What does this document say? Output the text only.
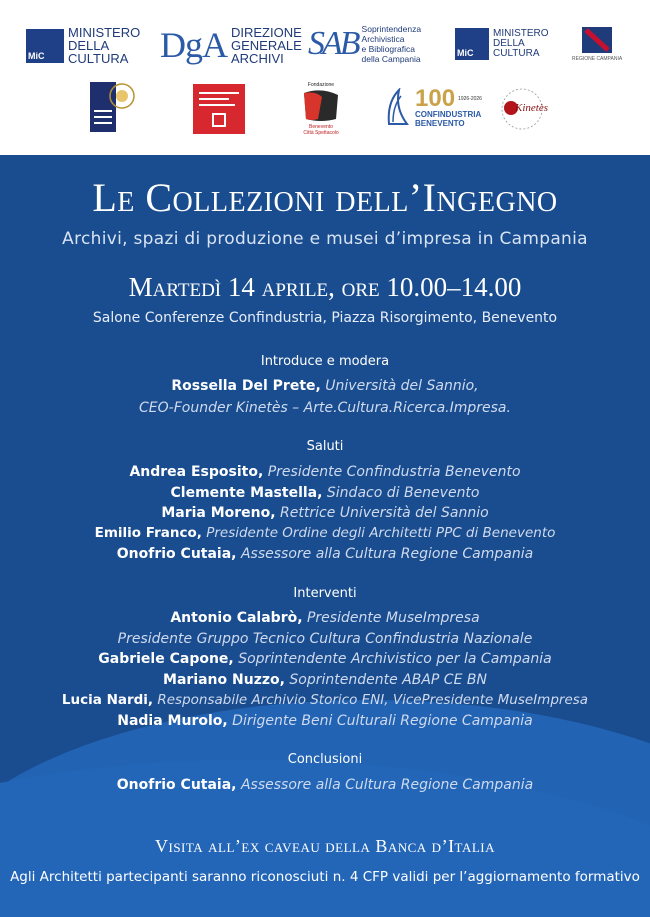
MiC
MINISTERO
DELLA
CULTURA DgA DIREZIONE
GENERALE
ARCHIVI SAB Soprintendenza
Archivistica
e Bibliografica
della Campania
MiC
MINISTERO
DELLA
CULTURA	REGIONE CAMPANIA
Fondazione
Benevento
Città Spettacolo
100 1926-2026
CONFINDUSTRIA
BENEVENTO
Kinetès
Le Collezioni dell’Ingegno
Archivi, spazi di produzione e musei d’impresa in Campania
Martedì 14 aprile, ore 10.00–14.00
Salone Conferenze Confindustria, Piazza Risorgimento, Benevento
Introduce e modera
Rossella Del Prete, Università del Sannio,
CEO-Founder Kinetès – Arte.Cultura.Ricerca.Impresa.
Saluti
Andrea Esposito, Presidente Confindustria Benevento
Clemente Mastella, Sindaco di Benevento
Maria Moreno, Rettrice Università del Sannio
Emilio Franco, Presidente Ordine degli Architetti PPC di Benevento
Onofrio Cutaia, Assessore alla Cultura Regione Campania
Interventi
Antonio Calabrò, Presidente MuseImpresa
Presidente Gruppo Tecnico Cultura Confindustria Nazionale
Gabriele Capone, Soprintendente Archivistico per la Campania
Mariano Nuzzo, Soprintendente ABAP CE BN
Lucia Nardi, Responsabile Archivio Storico ENI, VicePresidente MuseImpresa
Nadia Murolo, Dirigente Beni Culturali Regione Campania
Conclusioni
Onofrio Cutaia, Assessore alla Cultura Regione Campania
Visita all’ex caveau della Banca d’Italia
Agli Architetti partecipanti saranno riconosciuti n. 4 CFP validi per l’aggiornamento formativo
